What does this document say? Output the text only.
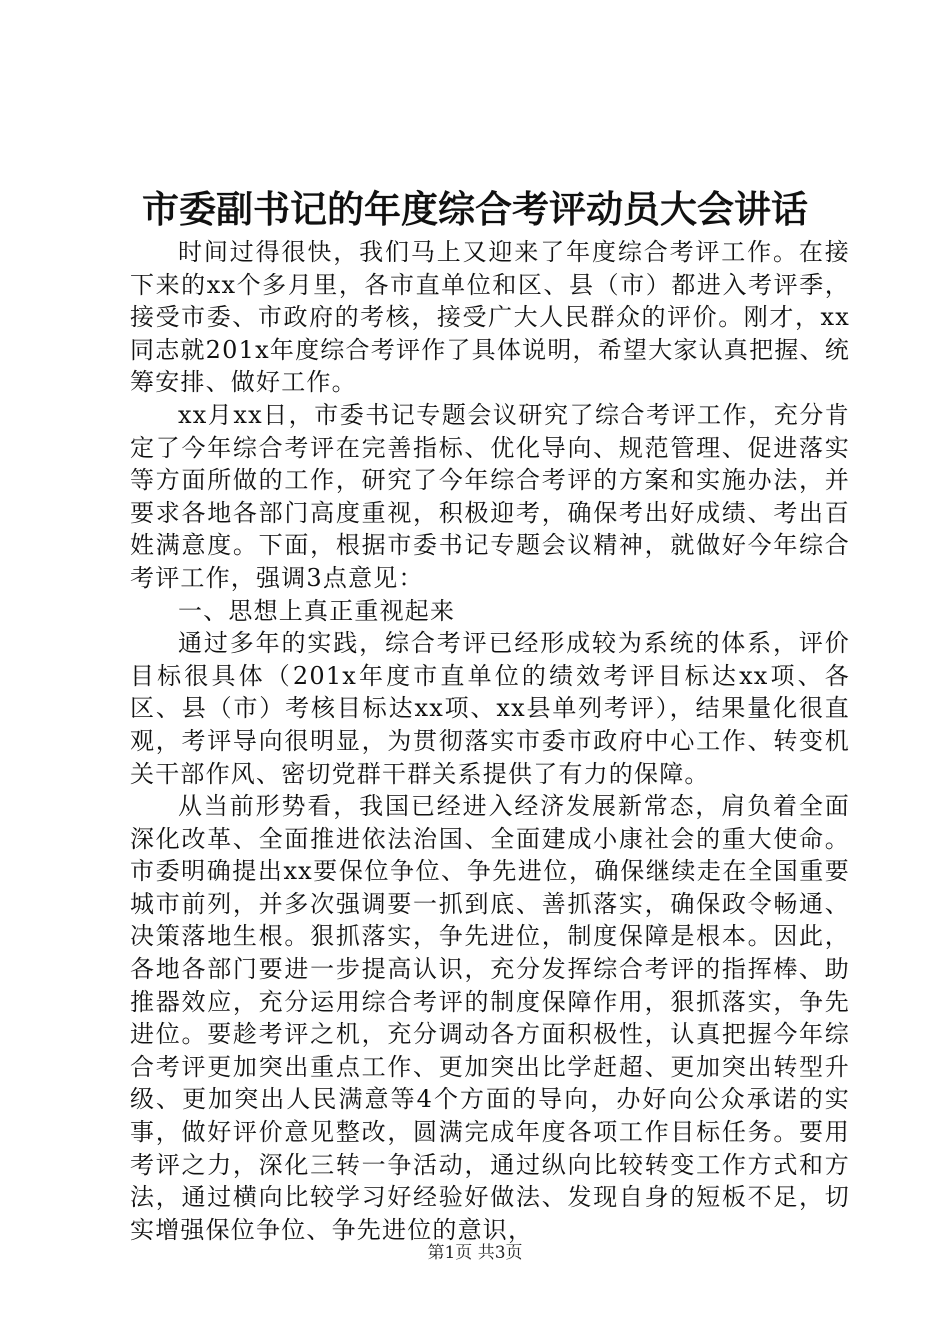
市委副书记的年度综合考评动员大会讲话

时间过得很快，我们马上又迎来了年度综合考评工作。在接下来的xx个多月里，各市直单位和区、县（市）都进入考评季，接受市委、市政府的考核，接受广大人民群众的评价。刚才，xx同志就201x年度综合考评作了具体说明，希望大家认真把握、统筹安排、做好工作。

xx月xx日，市委书记专题会议研究了综合考评工作，充分肯定了今年综合考评在完善指标、优化导向、规范管理、促进落实等方面所做的工作，研究了今年综合考评的方案和实施办法，并要求各地各部门高度重视，积极迎考，确保考出好成绩、考出百姓满意度。下面，根据市委书记专题会议精神，就做好今年综合考评工作，强调3点意见：

一、思想上真正重视起来

通过多年的实践，综合考评已经形成较为系统的体系，评价目标很具体（201x年度市直单位的绩效考评目标达xx项、各区、县（市）考核目标达xx项、xx县单列考评），结果量化很直观，考评导向很明显，为贯彻落实市委市政府中心工作、转变机关干部作风、密切党群干群关系提供了有力的保障。

从当前形势看，我国已经进入经济发展新常态，肩负着全面深化改革、全面推进依法治国、全面建成小康社会的重大使命。市委明确提出xx要保位争位、争先进位，确保继续走在全国重要城市前列，并多次强调要一抓到底、善抓落实，确保政令畅通、决策落地生根。狠抓落实，争先进位，制度保障是根本。因此，各地各部门要进一步提高认识，充分发挥综合考评的指挥棒、助推器效应，充分运用综合考评的制度保障作用，狠抓落实，争先进位。要趁考评之机，充分调动各方面积极性，认真把握今年综合考评更加突出重点工作、更加突出比学赶超、更加突出转型升级、更加突出人民满意等4个方面的导向，办好向公众承诺的实事，做好评价意见整改，圆满完成年度各项工作目标任务。要用考评之力，深化三转一争活动，通过纵向比较转变工作方式和方法，通过横向比较学习好经验好做法、发现自身的短板不足，切实增强保位争位、争先进位的意识，

第1页 共3页
